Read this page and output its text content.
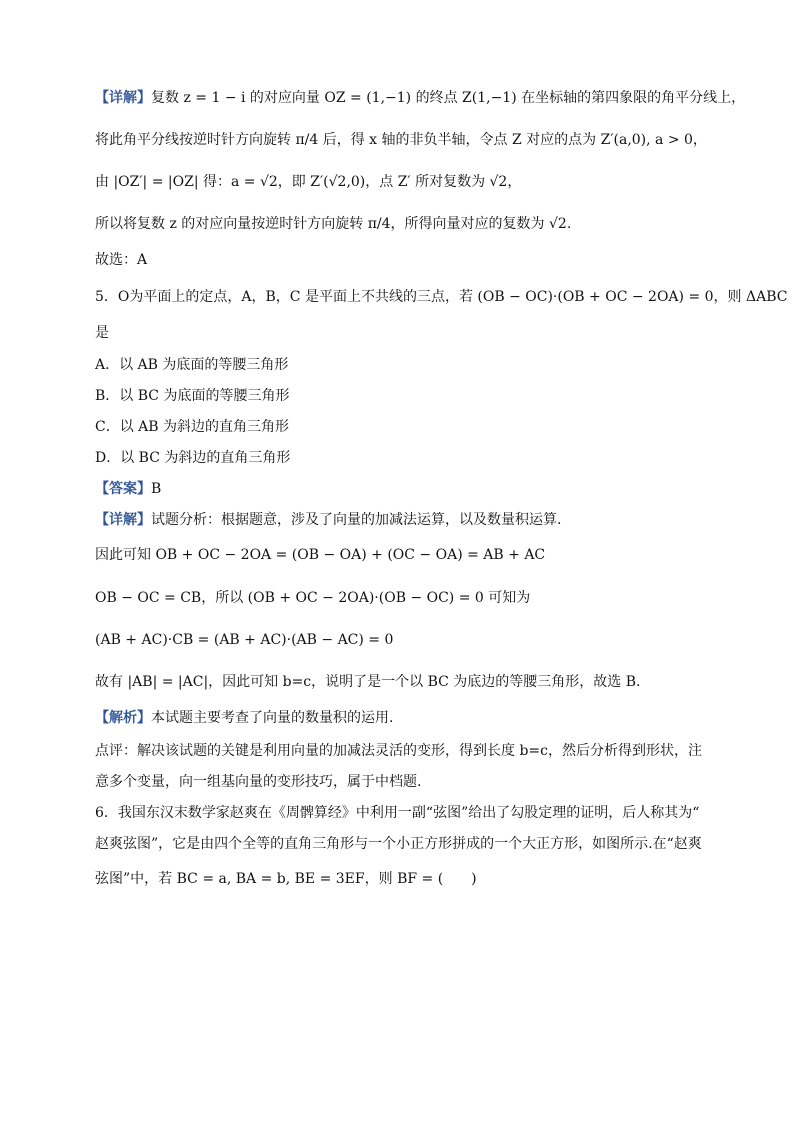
【详解】复数 z = 1 − i 的对应向量 OZ = (1,−1) 的终点 Z(1,−1) 在坐标轴的第四象限的角平分线上，
将此角平分线按逆时针方向旋转 π/4 后，得 x 轴的非负半轴，令点 Z 对应的点为 Z′(a,0), a > 0，
由 |OZ′| = |OZ| 得：a = √2，即 Z′(√2,0)，点 Z′ 所对复数为 √2，
所以将复数 z 的对应向量按逆时针方向旋转 π/4，所得向量对应的复数为 √2.
故选：A
5．O为平面上的定点，A，B，C 是平面上不共线的三点，若 (OB − OC)·(OB + OC − 2OA) = 0，则 ΔABC
是
A．以 AB 为底面的等腰三角形
B．以 BC 为底面的等腰三角形
C．以 AB 为斜边的直角三角形
D．以 BC 为斜边的直角三角形
【答案】B
【详解】试题分析：根据题意，涉及了向量的加减法运算，以及数量积运算.
因此可知 OB + OC − 2OA = (OB − OA) + (OC − OA) = AB + AC
OB − OC = CB，所以 (OB + OC − 2OA)·(OB − OC) = 0 可知为
(AB + AC)·CB = (AB + AC)·(AB − AC) = 0
故有 |AB| = |AC|，因此可知 b=c，说明了是一个以 BC 为底边的等腰三角形，故选 B.
【解析】本试题主要考查了向量的数量积的运用.
点评：解决该试题的关键是利用向量的加减法灵活的变形，得到长度 b=c，然后分析得到形状，注
意多个变量，向一组基向量的变形技巧，属于中档题.
6．我国东汉末数学家赵爽在《周髀算经》中利用一副“弦图”给出了勾股定理的证明，后人称其为“
赵爽弦图”，它是由四个全等的直角三角形与一个小正方形拼成的一个大正方形，如图所示.在“赵爽
弦图”中，若 BC = a, BA = b, BE = 3EF，则 BF = (　　)
